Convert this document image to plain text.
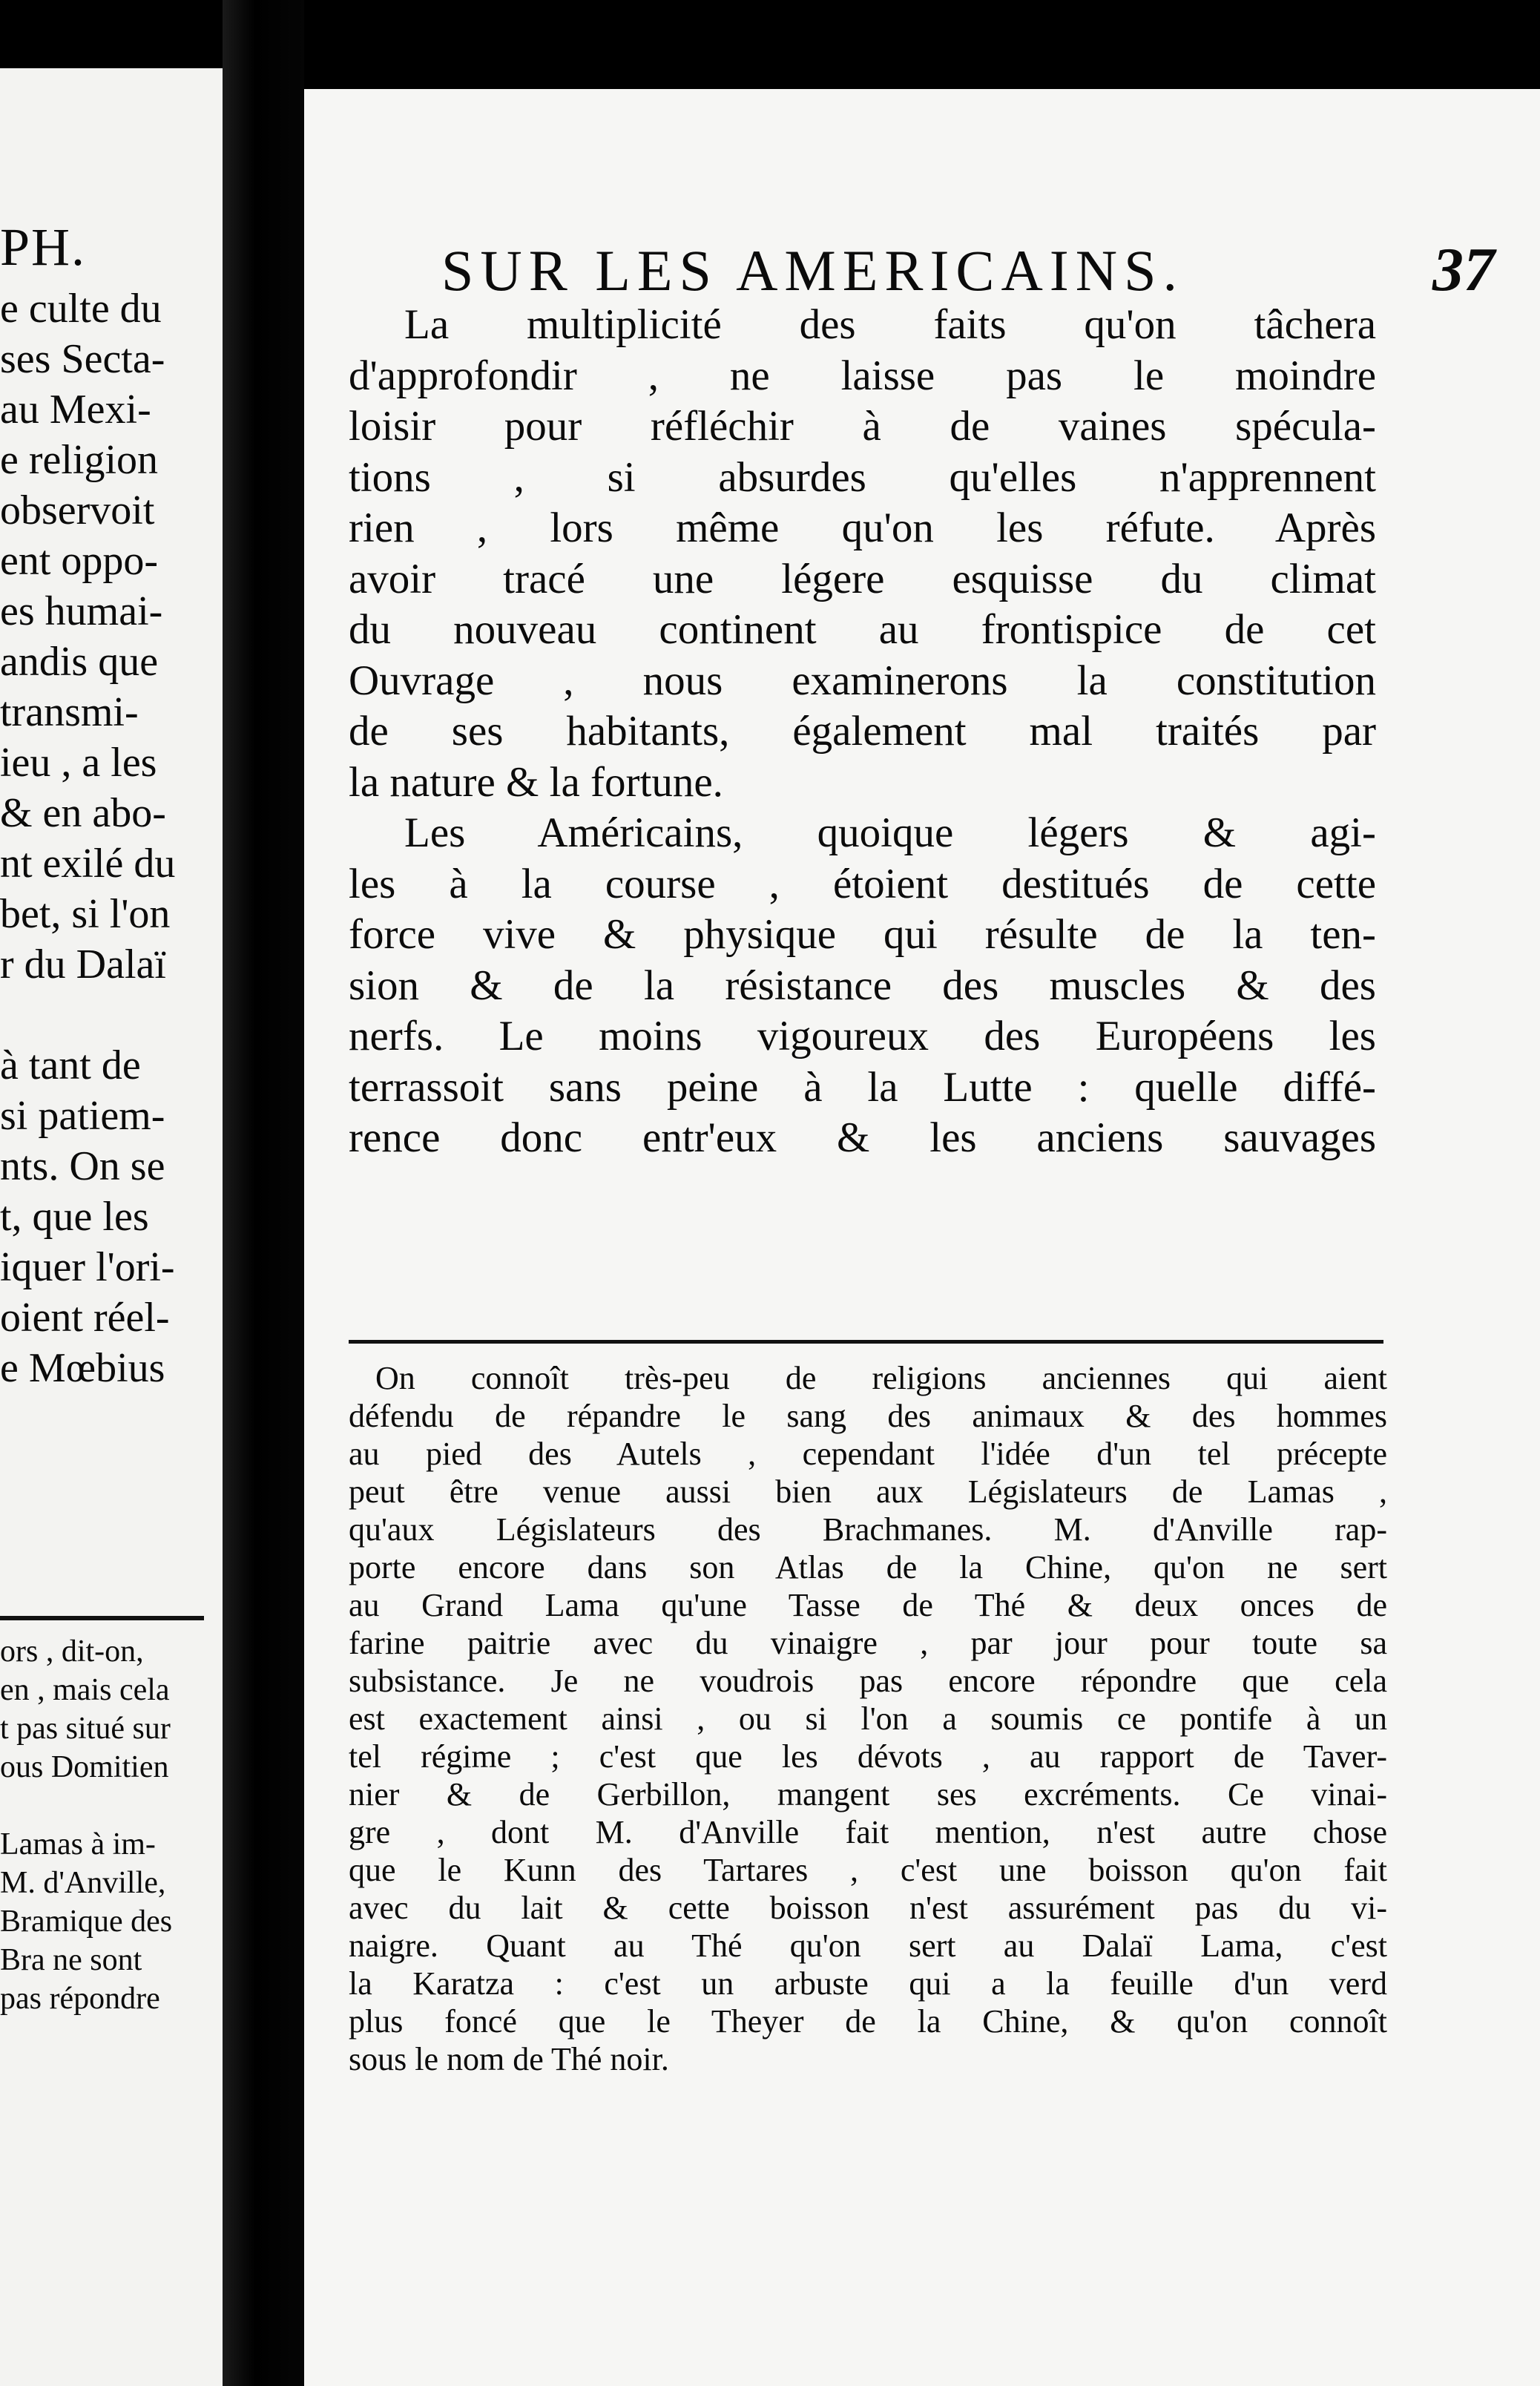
PH.
e culte du
ses Secta-
au Mexi-
e religion
observoit
ent oppo-
es humai-
andis que
transmi-
ieu , a les
& en abo-
nt exilé du
bet, si l'on
r du Dalaï
à tant de
si patiem-
nts. On se
t, que les
iquer l'ori-
oient réel-
e Mœbius
ors , dit-on,
en , mais cela
t pas situé sur
ous Domitien
Lamas à im-
M. d'Anville,
Bramique des
Bra ne sont
pas répondre
SUR LES AMERICAINS.	37
La multiplicité des faits qu'on tâchera
d'approfondir , ne laisse pas le moindre
loisir pour réfléchir à de vaines spécula-
tions , si absurdes qu'elles n'apprennent
rien , lors même qu'on les réfute. Après
avoir tracé une légere esquisse du climat
du nouveau continent au frontispice de cet
Ouvrage , nous examinerons la constitution
de ses habitants, également mal traités par
la nature & la fortune.
Les Américains, quoique légers & agi-
les à la course , étoient destitués de cette
force vive & physique qui résulte de la ten-
sion & de la résistance des muscles & des
nerfs. Le moins vigoureux des Européens les
terrassoit sans peine à la Lutte : quelle diffé-
rence donc entr'eux & les anciens sauvages
On connoît très-peu de religions anciennes qui aient
défendu de répandre le sang des animaux & des hommes
au pied des Autels , cependant l'idée d'un tel précepte
peut être venue aussi bien aux Législateurs de Lamas ,
qu'aux Législateurs des Brachmanes. M. d'Anville rap-
porte encore dans son Atlas de la Chine, qu'on ne sert
au Grand Lama qu'une Tasse de Thé & deux onces de
farine paitrie avec du vinaigre , par jour pour toute sa
subsistance. Je ne voudrois pas encore répondre que cela
est exactement ainsi , ou si l'on a soumis ce pontife à un
tel régime ; c'est que les dévots , au rapport de Taver-
nier & de Gerbillon, mangent ses excréments. Ce vinai-
gre , dont M. d'Anville fait mention, n'est autre chose
que le Kunn des Tartares , c'est une boisson qu'on fait
avec du lait & cette boisson n'est assurément pas du vi-
naigre. Quant au Thé qu'on sert au Dalaï Lama, c'est
la Karatza : c'est un arbuste qui a la feuille d'un verd
plus foncé que le Theyer de la Chine, & qu'on connoît
sous le nom de Thé noir.
